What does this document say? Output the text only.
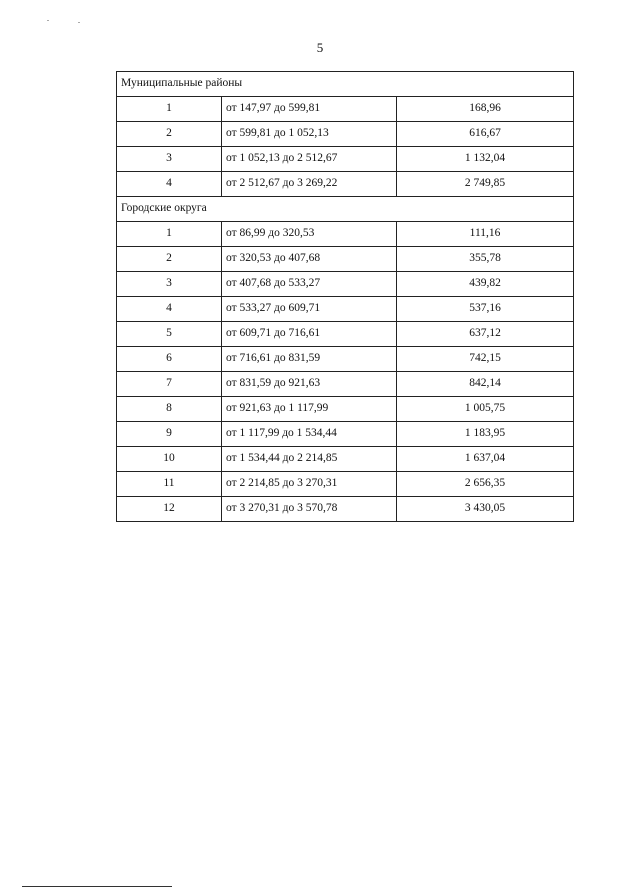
5
Муниципальные районы		
1	от 147,97 до 599,81	168,96
2	от 599,81 до 1 052,13	616,67
3	от 1 052,13 до 2 512,67	1 132,04
4	от 2 512,67 до 3 269,22	2 749,85
Городские округа		
1	от 86,99 до 320,53	111,16
2	от 320,53 до 407,68	355,78
3	от 407,68 до 533,27	439,82
4	от 533,27 до 609,71	537,16
5	от 609,71 до 716,61	637,12
6	от 716,61 до 831,59	742,15
7	от 831,59 до 921,63	842,14
8	от 921,63 до 1 117,99	1 005,75
9	от 1 117,99 до 1 534,44	1 183,95
10	от 1 534,44 до 2 214,85	1 637,04
11	от 2 214,85 до 3 270,31	2 656,35
12	от 3 270,31 до 3 570,78	3 430,05
